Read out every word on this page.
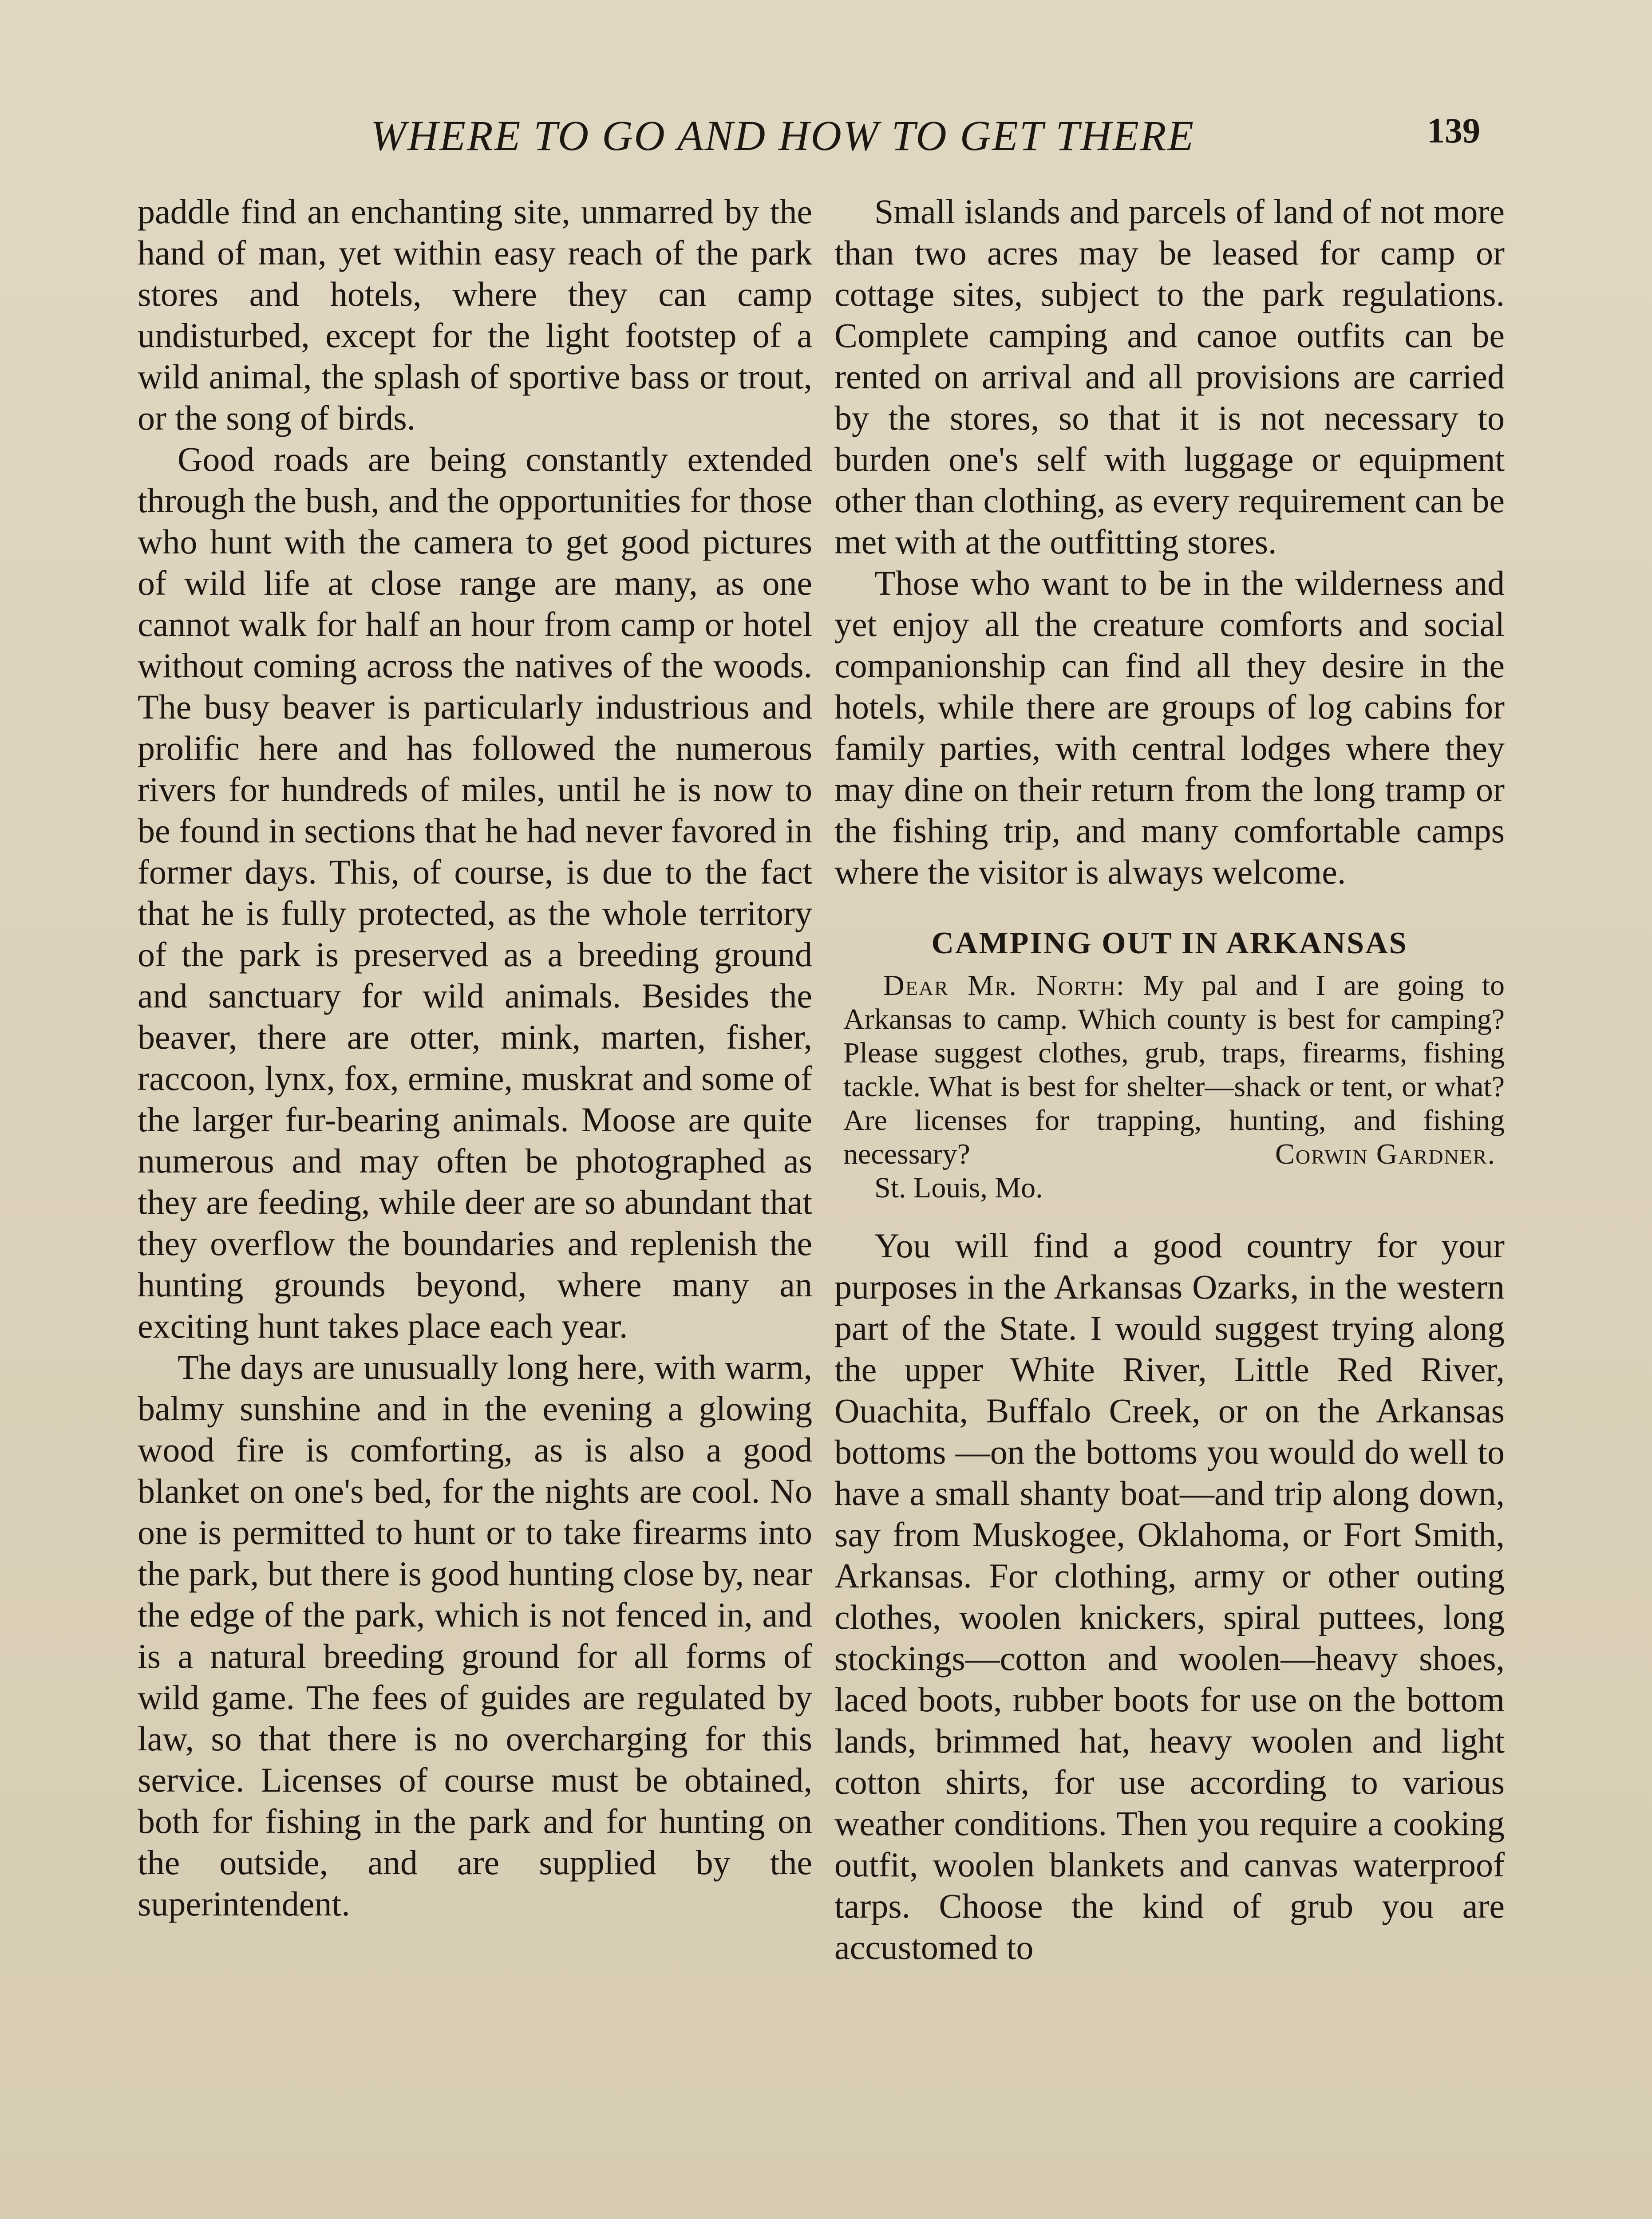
WHERE TO GO AND HOW TO GET THERE	139

paddle find an enchanting site, unmarred by the hand of man, yet within easy reach of the park stores and hotels, where they can camp undisturbed, except for the light footstep of a wild animal, the splash of sportive bass or trout, or the song of birds.

Good roads are being constantly extended through the bush, and the opportunities for those who hunt with the camera to get good pictures of wild life at close range are many, as one cannot walk for half an hour from camp or hotel without coming across the natives of the woods. The busy beaver is particularly industrious and prolific here and has followed the numerous rivers for hundreds of miles, until he is now to be found in sections that he had never favored in former days. This, of course, is due to the fact that he is fully protected, as the whole territory of the park is preserved as a breeding ground and sanctuary for wild animals. Besides the beaver, there are otter, mink, marten, fisher, raccoon, lynx, fox, ermine, muskrat and some of the larger fur-bearing animals. Moose are quite numerous and may often be photographed as they are feeding, while deer are so abundant that they overflow the boundaries and replenish the hunting grounds beyond, where many an exciting hunt takes place each year.

The days are unusually long here, with warm, balmy sunshine and in the evening a glowing wood fire is comforting, as is also a good blanket on one's bed, for the nights are cool. No one is permitted to hunt or to take firearms into the park, but there is good hunting close by, near the edge of the park, which is not fenced in, and is a natural breeding ground for all forms of wild game. The fees of guides are regulated by law, so that there is no overcharging for this service. Licenses of course must be obtained, both for fishing in the park and for hunting on the outside, and are supplied by the superintendent.

Small islands and parcels of land of not more than two acres may be leased for camp or cottage sites, subject to the park regulations. Complete camping and canoe outfits can be rented on arrival and all provisions are carried by the stores, so that it is not necessary to burden one's self with luggage or equipment other than clothing, as every requirement can be met with at the outfitting stores.

Those who want to be in the wilderness and yet enjoy all the creature comforts and social companionship can find all they desire in the hotels, while there are groups of log cabins for family parties, with central lodges where they may dine on their return from the long tramp or the fishing trip, and many comfortable camps where the visitor is always welcome.

CAMPING OUT IN ARKANSAS

Dear Mr. North: My pal and I are going to Arkansas to camp. Which county is best for camping? Please suggest clothes, grub, traps, firearms, fishing tackle. What is best for shelter—shack or tent, or what? Are licenses for trapping, hunting, and fishing necessary?	Corwin Gardner.

St. Louis, Mo.

You will find a good country for your purposes in the Arkansas Ozarks, in the western part of the State. I would suggest trying along the upper White River, Little Red River, Ouachita, Buffalo Creek, or on the Arkansas bottoms —on the bottoms you would do well to have a small shanty boat—and trip along down, say from Muskogee, Oklahoma, or Fort Smith, Arkansas. For clothing, army or other outing clothes, woolen knickers, spiral puttees, long stockings—cotton and woolen—heavy shoes, laced boots, rubber boots for use on the bottom lands, brimmed hat, heavy woolen and light cotton shirts, for use according to various weather conditions. Then you require a cooking outfit, woolen blankets and canvas waterproof tarps. Choose the kind of grub you are accustomed to
